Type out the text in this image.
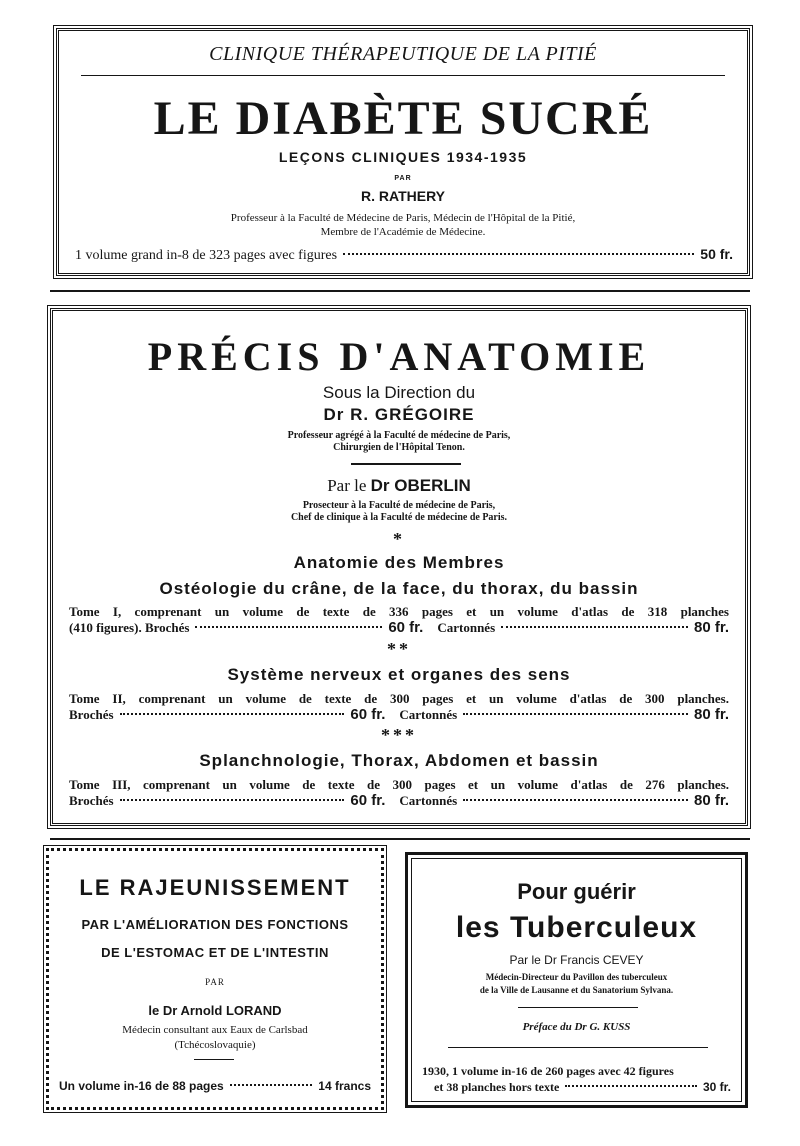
CLINIQUE THÉRAPEUTIQUE DE LA PITIÉ
LE DIABÈTE SUCRÉ
LEÇONS CLINIQUES 1934-1935
PAR
R. RATHERY
Professeur à la Faculté de Médecine de Paris, Médecin de l'Hôpital de la Pitié,
Membre de l'Académie de Médecine.
1 volume grand in-8 de 323 pages avec figures	50 fr.
PRÉCIS D'ANATOMIE
Sous la Direction du
Dr R. GRÉGOIRE
Professeur agrégé à la Faculté de médecine de Paris,
Chirurgien de l'Hôpital Tenon.
Par le Dr OBERLIN
Prosecteur à la Faculté de médecine de Paris,
Chef de clinique à la Faculté de médecine de Paris.
*
Anatomie des Membres
Ostéologie du crâne, de la face, du thorax, du bassin
Tome I, comprenant un volume de texte de 336 pages et un volume d'atlas de 318 planches
(410 figures). Brochés	60 fr. Cartonnés	80 fr.
**
Système nerveux et organes des sens
Tome II, comprenant un volume de texte de 300 pages et un volume d'atlas de 300 planches.
Brochés	60 fr. Cartonnés	80 fr.
***
Splanchnologie, Thorax, Abdomen et bassin
Tome III, comprenant un volume de texte de 300 pages et un volume d'atlas de 276 planches.
Brochés	60 fr. Cartonnés	80 fr.
LE RAJEUNISSEMENT
PAR L'AMÉLIORATION DES FONCTIONS
DE L'ESTOMAC ET DE L'INTESTIN
PAR
le Dr Arnold LORAND
Médecin consultant aux Eaux de Carlsbad
(Tchécoslovaquie)
Un volume in-16 de 88 pages	14 francs
Pour guérir
les Tuberculeux
Par le Dr Francis CEVEY
Médecin-Directeur du Pavillon des tuberculeux
de la Ville de Lausanne et du Sanatorium Sylvana.
Préface du Dr G. KUSS
1930, 1 volume in-16 de 260 pages avec 42 figures
et 38 planches hors texte	30 fr.
